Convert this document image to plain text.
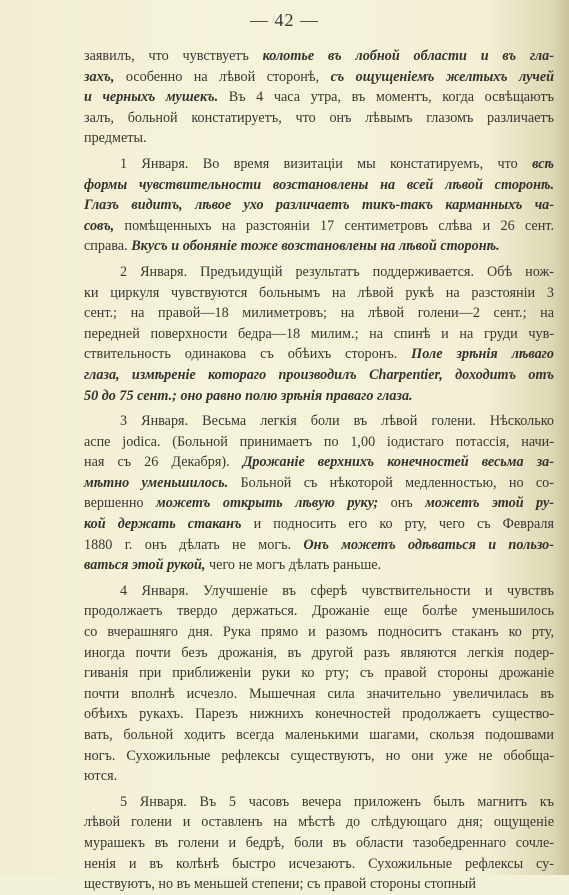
— 42 —
заявилъ, что чувствуетъ колотье въ лобной области и въ гла-
захъ, особенно на лѣвой сторонѣ, съ ощущеніемъ желтыхъ лучей
и черныхъ мушекъ. Въ 4 часа утра, въ моментъ, когда освѣщаютъ
залъ, больной констатируетъ, что онъ лѣвымъ глазомъ различаетъ
предметы.
1 Января. Во время визитаціи мы констатируемъ, что всѣ
формы чувствительности возстановлены на всей лѣвой сторонѣ.
Глазъ видитъ, лѣвое ухо различаетъ тикъ-такъ карманныхъ ча-
совъ, помѣщенныхъ на разстояніи 17 сентиметровъ слѣва и 26 сент.
справа. Вкусъ и обоняніе тоже возстановлены на лѣвой сторонѣ.
2 Января. Предъидущій результатъ поддерживается. Обѣ нож-
ки циркуля чувствуются больнымъ на лѣвой рукѣ на разстояніи 3
сент.; на правой—18 милиметровъ; на лѣвой голени—2 сент.; на
передней поверхности бедра—18 милим.; на спинѣ и на груди чув-
ствительность одинакова съ обѣихъ сторонъ. Поле зрѣнія лѣваго
глаза, измѣреніе котораго производилъ Charpentier, доходитъ отъ
50 до 75 сент.; оно равно полю зрѣнія праваго глаза.
3 Января. Весьма легкія боли въ лѣвой голени. Нѣсколько
aспе jodica. (Больной принимаетъ по 1,00 іодистаго потассія, начи-
ная съ 26 Декабря). Дрожаніе верхнихъ конечностей весьма за-
мѣтно уменьшилось. Больной съ нѣкоторой медленностью, но со-
вершенно можетъ открыть лѣвую руку; онъ можетъ этой ру-
кой держать стаканъ и подносить его ко рту, чего съ Февраля
1880 г. онъ дѣлать не могъ. Онъ можетъ одѣваться и пользо-
ваться этой рукой, чего не могъ дѣлать раньше.
4 Января. Улучшеніе въ сферѣ чувствительности и чувствъ
продолжаетъ твердо держаться. Дрожаніе еще болѣе уменьшилось
со вчерашняго дня. Рука прямо и разомъ подноситъ стаканъ ко рту,
иногда почти безъ дрожанія, въ другой разъ являются легкія подер-
гиванія при приближеніи руки ко рту; съ правой стороны дрожаніе
почти вполнѣ исчезло. Мышечная сила значительно увеличилась въ
обѣихъ рукахъ. Парезъ нижнихъ конечностей продолжаетъ существо-
вать, больной ходитъ всегда маленькими шагами, скользя подошвами
ногъ. Сухожильные рефлексы существуютъ, но они уже не обобща-
ются.
5 Января. Въ 5 часовъ вечера приложенъ былъ магнитъ къ
лѣвой голени и оставленъ на мѣстѣ до слѣдующаго дня; ощущеніе
мурашекъ въ голени и бедрѣ, боли въ области тазобедреннаго сочле-
ненія и въ колѣнѣ быстро исчезаютъ. Сухожильные рефлексы су-
ществуютъ, но въ меньшей степени; съ правой стороны стопный
